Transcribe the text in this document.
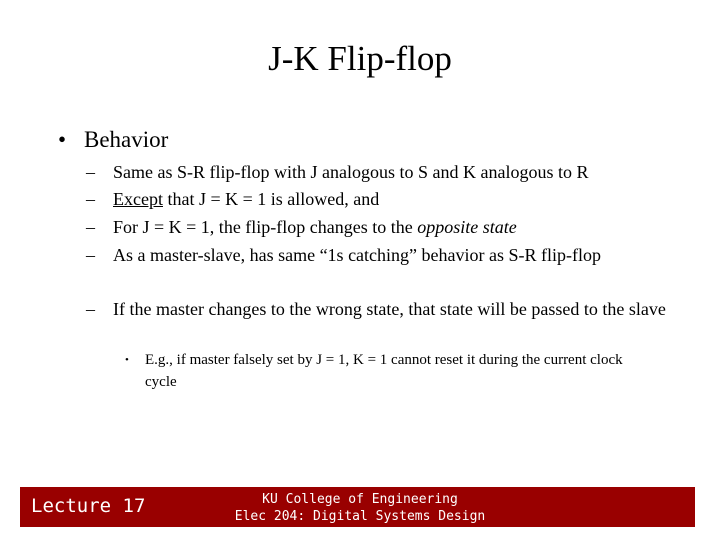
J-K Flip-flop
• Behavior
– Same as S-R flip-flop with J analogous to S and K analogous to R
– Except that J = K = 1 is allowed, and
– For J = K = 1, the flip-flop changes to the opposite state
– As a master-slave, has same “1s catching” behavior as S-R flip-flop
– If the master changes to the wrong state, that state will be passed to the slave
• E.g., if master falsely set by J = 1, K = 1 cannot reset it during the current clock cycle
Lecture 17	KU College of Engineering
Elec 204: Digital Systems Design
